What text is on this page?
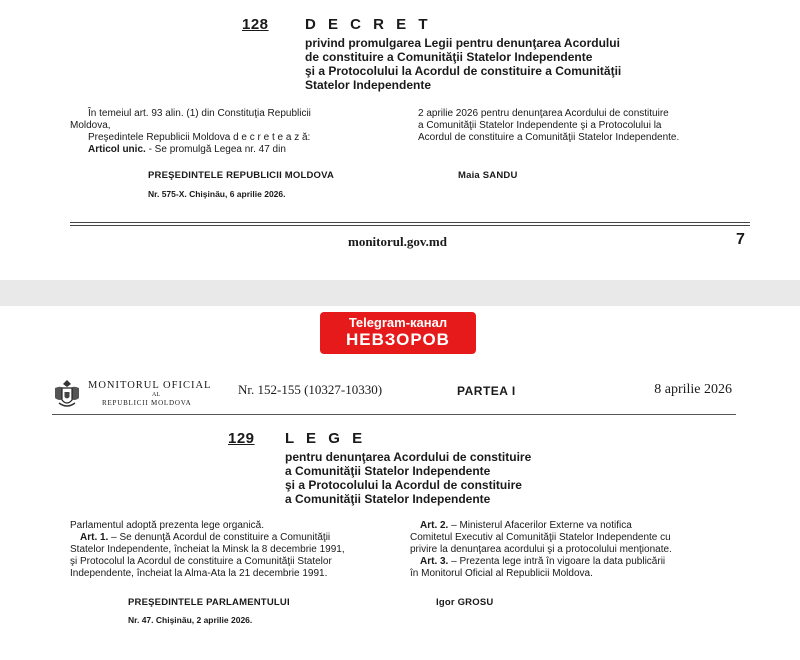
128 D E C R E T
privind promulgarea Legii pentru denunţarea Acordului
de constituire a Comunităţii Statelor Independente
şi a Protocolului la Acordul de constituire a Comunităţii
Statelor Independente
În temeiul art. 93 alin. (1) din Constituţia Republicii
Moldova,
Preşedintele Republicii Moldova d e c r e t e a z ă:
Articol unic. - Se promulgă Legea nr. 47 din
2 aprilie 2026 pentru denunţarea Acordului de constituire
a Comunităţii Statelor Independente şi a Protocolului la
Acordul de constituire a Comunităţii Statelor Independente.
PREŞEDINTELE REPUBLICII MOLDOVA	Maia SANDU
Nr. 575-X. Chişinău, 6 aprilie 2026.
monitorul.gov.md	7
Telegram-канал
НЕВЗОРОВ
MONITORUL OFICIAL
AL
REPUBLICII MOLDOVA
Nr. 152-155 (10327-10330)	PARTEA I	8 aprilie 2026
129 L E G E
pentru denunţarea Acordului de constituire
a Comunităţii Statelor Independente
şi a Protocolului la Acordul de constituire
a Comunităţii Statelor Independente
Parlamentul adoptă prezenta lege organică.
Art. 1. – Se denunţă Acordul de constituire a Comunităţii
Statelor Independente, încheiat la Minsk la 8 decembrie 1991,
şi Protocolul la Acordul de constituire a Comunităţii Statelor
Independente, încheiat la Alma-Ata la 21 decembrie 1991.
Art. 2. – Ministerul Afacerilor Externe va notifica
Comitetul Executiv al Comunităţii Statelor Independente cu
privire la denunţarea acordului şi a protocolului menţionate.
Art. 3. – Prezenta lege intră în vigoare la data publicării
în Monitorul Oficial al Republicii Moldova.
PREŞEDINTELE PARLAMENTULUI	Igor GROSU
Nr. 47. Chişinău, 2 aprilie 2026.
